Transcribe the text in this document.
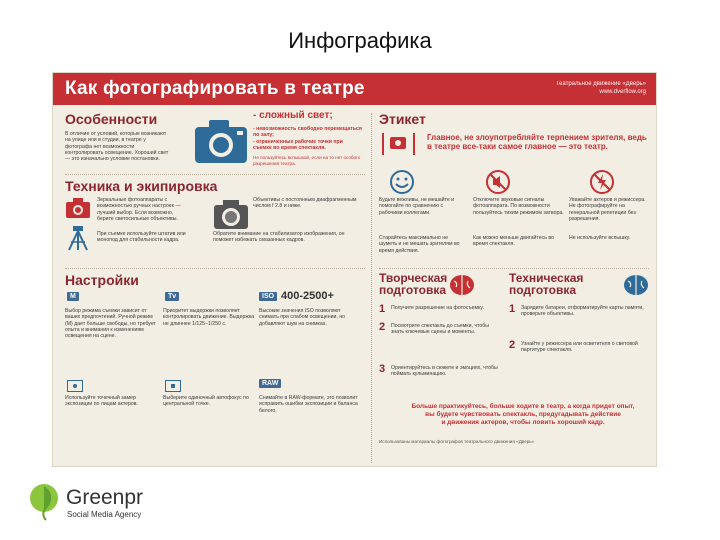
Инфографика
Как фотографировать в театре	Театральное движение «Дверь»
www.dverflow.org
Особенности
В отличие от условий, которые возникают на улице или в студии, в театре у фотографа нет возможности контролировать освещение. Хороший свет — это изначально условие постановки.
- сложный свет;
- невозможность свободно перемещаться по залу;
- ограниченные рабочие точки при
съемке во время спектакля.
Не пользуйтесь вспышкой, если на то нет особого разрешения театра.
Техника и экипировка
Зеркальные фотоаппараты с возможностью ручных настроек — лучший выбор. Если возможно, берите светосильные объективы.
При съемке используйте штатив или монопод для стабильности кадра.
Объективы с постоянным диафрагменным числом f 2.8 и ниже.
Обратите внимание на стабилизатор изображения, он поможет избежать смазанных кадров.
Настройки
M	Tv	ISO 400-2500+
Выбор режима съемки зависит от ваших предпочтений. Ручной режим (M) дает больше свободы, но требует опыта и внимания к изменениям освещения на сцене.
Приоритет выдержки позволяет контролировать движение. Выдержка не длиннее 1/125–1/250 с.
Высокие значения ISO позволяют снимать при слабом освещении, но добавляют шум на снимках.
RAW
Используйте точечный замер экспозиции по лицам актеров.
Выберите одиночный автофокус по центральной точке.
Снимайте в RAW-формате, это позволит исправить ошибки экспозиции и баланса белого.
Этикет
Главное, не злоупотребляйте терпением зрителя, ведь в театре все-таки самое главное — это театр.
Будьте вежливы, не мешайте и помогайте по сравнению с рабочими коллегами.
Отключите звуковые сигналы фотоаппарата. По возможности пользуйтесь тихим режимом затвора.
Уважайте актеров и режиссера. Не фотографируйте на генеральной репетиции без разрешения.
Старайтесь максимально не шуметь и не мешать зрителям во время действия.
Как можно меньше двигайтесь во время спектакля.
Не используйте вспышку.
Творческая
подготовка
Техническая
подготовка
1 Получите разрешение на фотосъемку.
2 Посмотрите спектакль до съемки, чтобы знать ключевые сцены и моменты.
3 Ориентируйтесь в сюжете и эмоциях, чтобы поймать кульминацию.
1 Зарядите батареи, отформатируйте карты памяти, проверьте объективы.
2 Узнайте у режиссера или осветителя о световой партитуре спектакля.
Больше практикуйтесь, больше ходите в театр, а когда придет опыт,
вы будете чувствовать спектакль, предугадывать действие
и движения актеров, чтобы ловить хороший кадр.
Использованы материалы фотографов театрального движения «Дверь»
Greenpr
Social Media Agency
